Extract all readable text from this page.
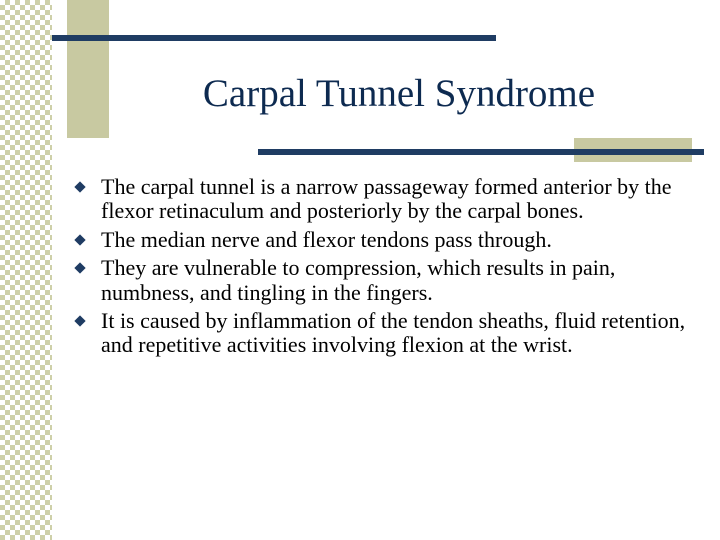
Carpal Tunnel Syndrome
The carpal tunnel is a narrow passageway formed anterior by the flexor retinaculum and posteriorly by the carpal bones.
The median nerve and flexor tendons pass through.
They are vulnerable to compression, which results in pain, numbness, and tingling in the fingers.
It is caused by inflammation of the tendon sheaths, fluid retention, and repetitive activities involving flexion at the wrist.
